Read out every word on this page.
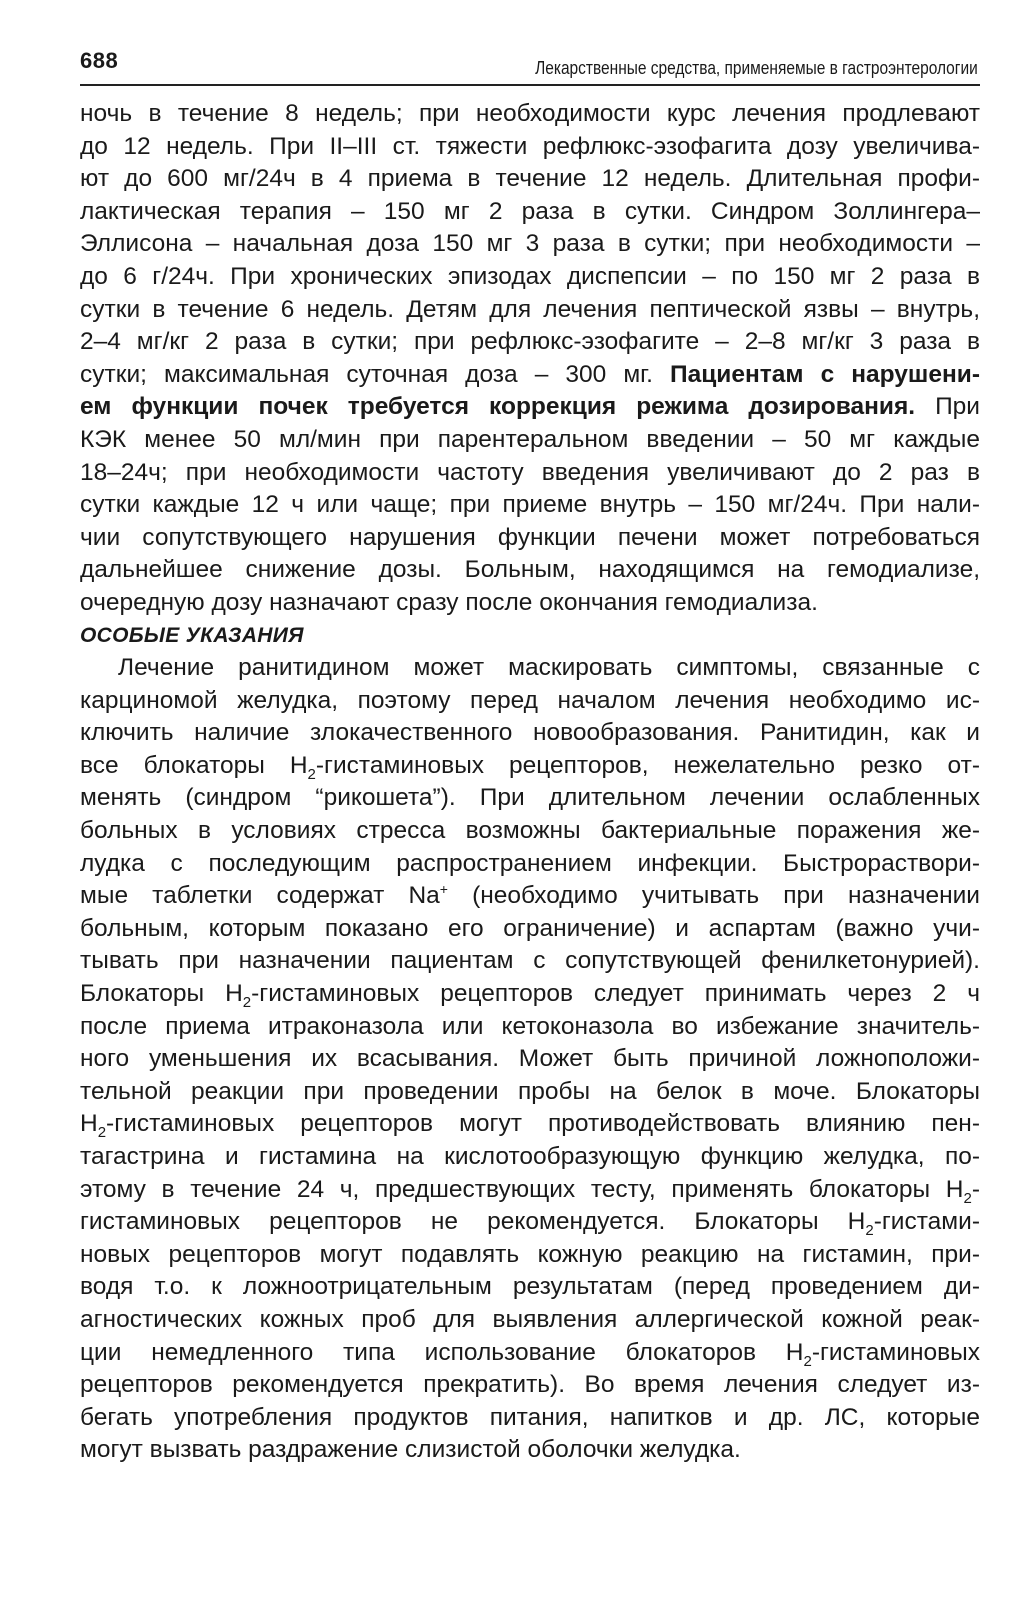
688	Лекарственные средства, применяемые в гастроэнтерологии
ночь в течение 8 недель; при необходимости курс лечения продлевают
до 12 недель. При II–III ст. тяжести рефлюкс-эзофагита дозу увеличива-
ют до 600 мг/24ч в 4 приема в течение 12 недель. Длительная профи-
лактическая терапия – 150 мг 2 раза в сутки. Синдром Золлингера–
Эллисона – начальная доза 150 мг 3 раза в сутки; при необходимости –
до 6 г/24ч. При хронических эпизодах диспепсии – по 150 мг 2 раза в
сутки в течение 6 недель. Детям для лечения пептической язвы – внутрь,
2–4 мг/кг 2 раза в сутки; при рефлюкс-эзофагите – 2–8 мг/кг 3 раза в
сутки; максимальная суточная доза – 300 мг. Пациентам с нарушени-
ем функции почек требуется коррекция режима дозирования. При
КЭК менее 50 мл/мин при парентеральном введении – 50 мг каждые
18–24ч; при необходимости частоту введения увеличивают до 2 раз в
сутки каждые 12 ч или чаще; при приеме внутрь – 150 мг/24ч. При нали-
чии сопутствующего нарушения функции печени может потребоваться
дальнейшее снижение дозы. Больным, находящимся на гемодиализе,
очередную дозу назначают сразу после окончания гемодиализа.
ОСОБЫЕ УКАЗАНИЯ
Лечение ранитидином может маскировать симптомы, связанные с
карциномой желудка, поэтому перед началом лечения необходимо ис-
ключить наличие злокачественного новообразования. Ранитидин, как и
все блокаторы $Н_2$-гистаминовых рецепторов, нежелательно резко от-
менять (синдром “рикошета”). При длительном лечении ослабленных
больных в условиях стресса возможны бактериальные поражения же-
лудка с последующим распространением инфекции. Быстрораствори-
мые таблетки содержат Na+ (необходимо учитывать при назначении
больным, которым показано его ограничение) и аспартам (важно учи-
тывать при назначении пациентам с сопутствующей фенилкетонурией).
Блокаторы $Н_2$-гистаминовых рецепторов следует принимать через 2 ч
после приема итраконазола или кетоконазола во избежание значитель-
ного уменьшения их всасывания. Может быть причиной ложноположи-
тельной реакции при проведении пробы на белок в моче. Блокаторы
$Н_2$-гистаминовых рецепторов могут противодействовать влиянию пен-
тагастрина и гистамина на кислотообразующую функцию желудка, по-
этому в течение 24 ч, предшествующих тесту, применять блокаторы $Н_2-$
гистаминовых рецепторов не рекомендуется. Блокаторы $Н_2-гистами-$
новых рецепторов могут подавлять кожную реакцию на гистамин, при-
водя т.о. к ложноотрицательным результатам (перед проведением ди-
агностических кожных проб для выявления аллергической кожной реак-
ции немедленного типа использование блокаторов $Н_2$-гистаминовых
рецепторов рекомендуется прекратить). Во время лечения следует из-
бегать употребления продуктов питания, напитков и др. ЛС, которые
могут вызвать раздражение слизистой оболочки желудка.
